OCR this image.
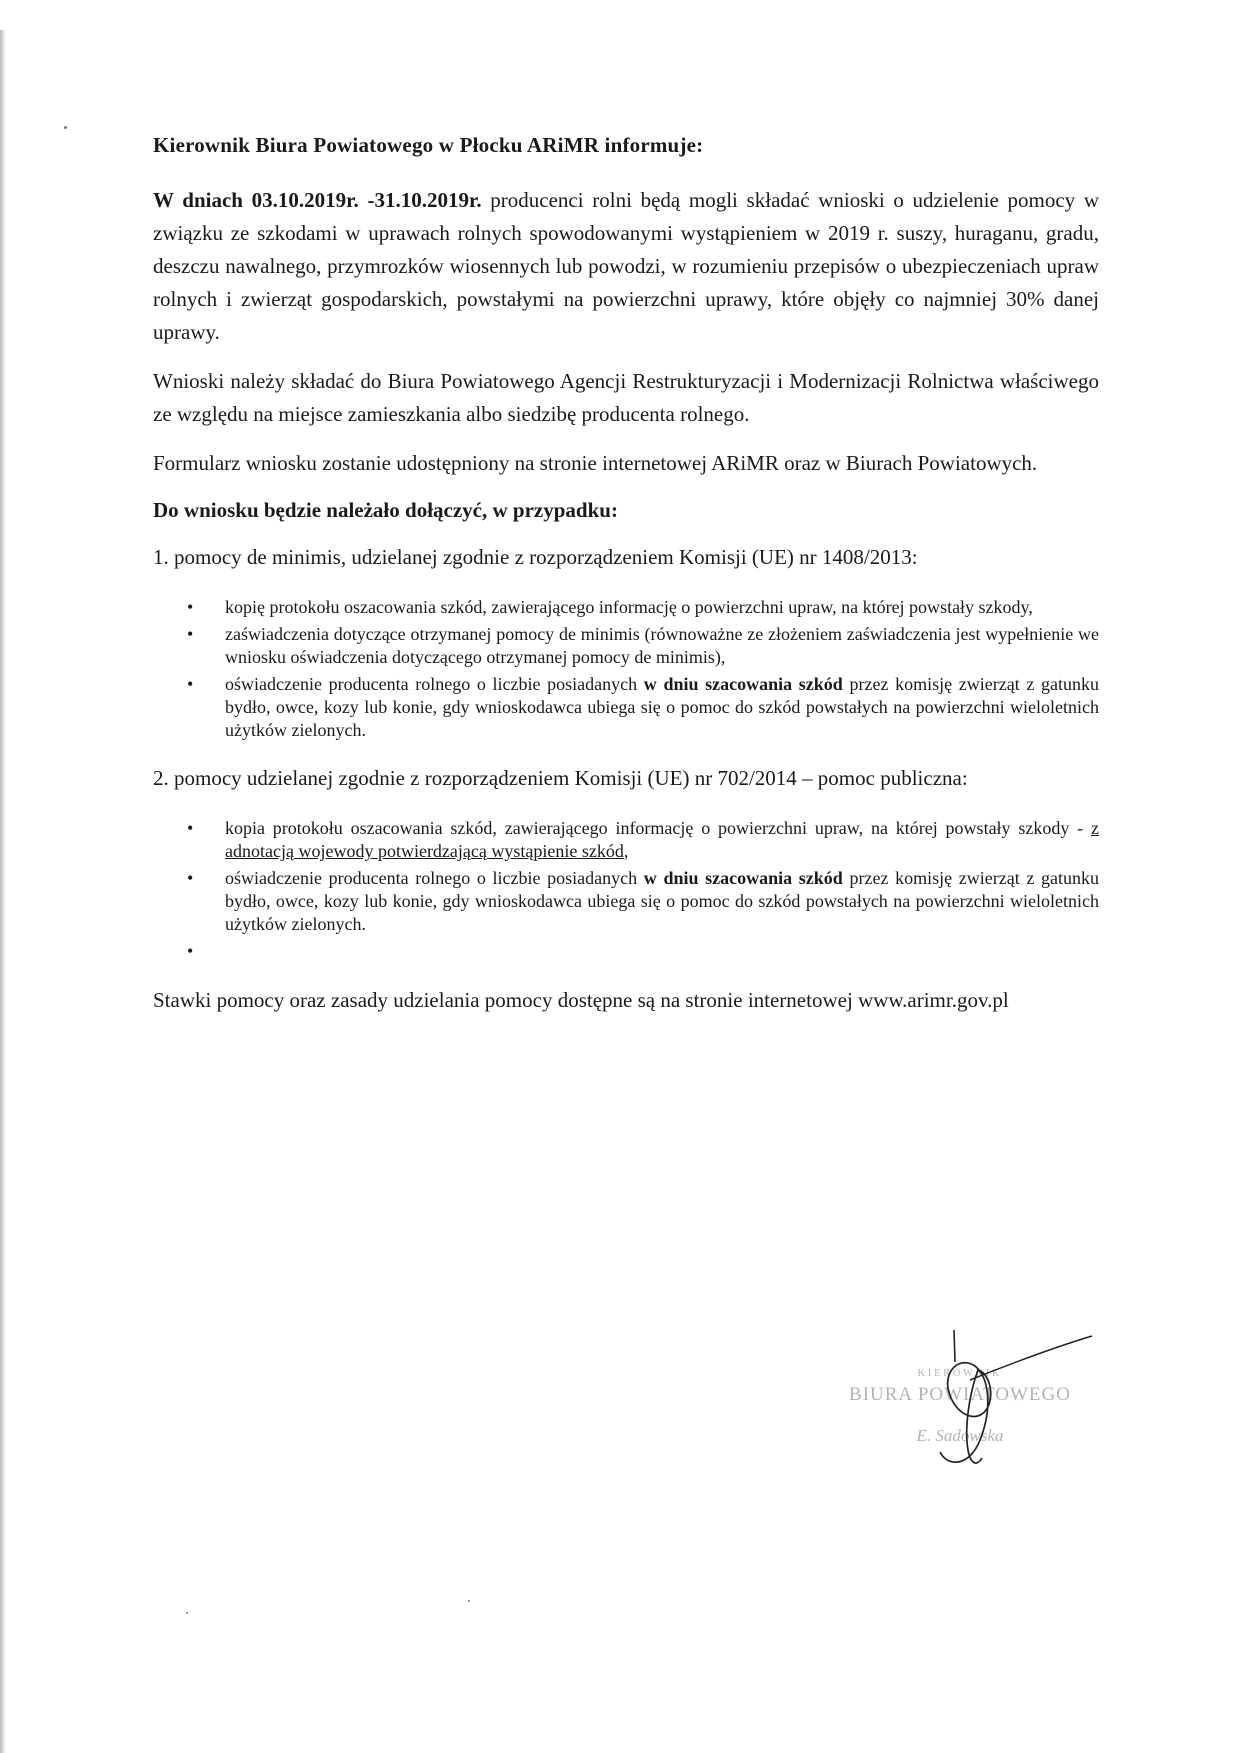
Kierownik Biura Powiatowego w Płocku ARiMR informuje:

W dniach 03.10.2019r. -31.10.2019r. producenci rolni będą mogli składać wnioski o udzielenie pomocy w związku ze szkodami w uprawach rolnych spowodowanymi wystąpieniem w 2019 r. suszy, huraganu, gradu, deszczu nawalnego, przymrozków wiosennych lub powodzi, w rozumieniu przepisów o ubezpieczeniach upraw rolnych i zwierząt gospodarskich, powstałymi na powierzchni uprawy, które objęły co najmniej 30% danej uprawy.

Wnioski należy składać do Biura Powiatowego Agencji Restrukturyzacji i Modernizacji Rolnictwa właściwego ze względu na miejsce zamieszkania albo siedzibę producenta rolnego.

Formularz wniosku zostanie udostępniony na stronie internetowej ARiMR oraz w Biurach Powiatowych.

Do wniosku będzie należało dołączyć, w przypadku:
1. pomocy de minimis, udzielanej zgodnie z rozporządzeniem Komisji (UE) nr 1408/2013:
• kopię protokołu oszacowania szkód, zawierającego informację o powierzchni upraw, na której powstały szkody,
• zaświadczenia dotyczące otrzymanej pomocy de minimis (równoważne ze złożeniem zaświadczenia jest wypełnienie we wniosku oświadczenia dotyczącego otrzymanej pomocy de minimis),
• oświadczenie producenta rolnego o liczbie posiadanych w dniu szacowania szkód przez komisję zwierząt z gatunku bydło, owce, kozy lub konie, gdy wnioskodawca ubiega się o pomoc do szkód powstałych na powierzchni wieloletnich użytków zielonych.
2. pomocy udzielanej zgodnie z rozporządzeniem Komisji (UE) nr 702/2014 – pomoc publiczna:
• kopia protokołu oszacowania szkód, zawierającego informację o powierzchni upraw, na której powstały szkody - z adnotacją wojewody potwierdzającą wystąpienie szkód,
• oświadczenie producenta rolnego o liczbie posiadanych w dniu szacowania szkód przez komisję zwierząt z gatunku bydło, owce, kozy lub konie, gdy wnioskodawca ubiega się o pomoc do szkód powstałych na powierzchni wieloletnich użytków zielonych.
•

Stawki pomocy oraz zasady udzielania pomocy dostępne są na stronie internetowej www.arimr.gov.pl

KIEROWNIK
BIURA POWIATOWEGO
E. Sadowska
